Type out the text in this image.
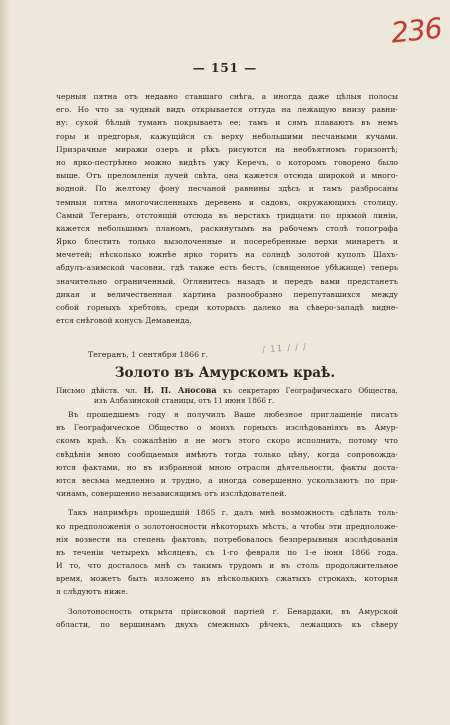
236
— 151 —
черныя пятна отъ недавно ставшаго снѣга, а иногда даже цѣлыя полосы
его. Но что за чудный видъ открывается оттуда на лежащую внизу равни-
ну: сухой бѣлый туманъ покрываетъ ее; тамъ и сямъ плаваютъ въ немъ
горы и предгорья, кажущійся съ верху небольшими песчаными кучами.
Призрачные миражи озеръ и рѣкъ рисуются на необъятномъ горизонтѣ;
но ярко-пестрѣнно можно видѣть ужу Керечъ, о которомъ говорено было
выше. Отъ преломленія лучей свѣта, она кажется отсюда широкой и много-
водной. По желтому фону песчаной равнины здѣсь и тамъ разбросаны
темныя пятна многочисленныхъ деревень и садовъ, окружающихъ столицу.
Самый Тегеранъ, отстоящій отсюда въ верстахъ тридцати по прямой линіи,
кажется небольшимъ планомъ, раскинутымъ на рабочемъ столѣ топографа
Ярко блестить только вызолоченные и посеребренные верхи минаретъ и
мечетей; нѣсколько южнѣе ярко горитъ на солнцѣ золотой куполъ Шахъ-
абдулъ-азимской часовни, гдѣ также есть бестъ, (священное убѣжище) теперь
значительно ограниченный. Оглянитесь назадъ и передъ вами предстанетъ
дикая и величественная картина разнообразно перепутавшихся между
собой горныхъ хребтовъ, среди которыхъ далеко на сѣверо-западѣ видне-
ется снѣговой конусъ Демавенда.
Тегеранъ, 1 сентября 1866 г.	/ 11 / / /
Золото въ Амурскомъ краѣ.
Письмо дѣйств. чл. Н. П. Аносова къ секретарю Географическаго Общества,
изъ Албазинской станицы, отъ 11 июня 1866 г.
Въ прошедшемъ году я получилъ Ваше любезное приглашеніе писать
въ Географическое Общество о моихъ горныхъ изслѣдованіяхъ въ Амур-
скомъ краѣ. Къ сожалѣнію я не могъ этого скоро исполнить, потому что
свѣдѣнія мною сообщаемыя имѣютъ тогда только цѣну, когда сопровожда-
ются фактами, но въ избранной мною отрасли дѣятельности, факты доста-
ются весьма медленно и трудно, а иногда совершенно ускользаютъ по при-
чинамъ, совершенно независящимъ отъ изслѣдователей.
Такъ напримѣръ прошедшій 1865 г. далъ мнѣ возможность сдѣлать толь-
ко предположенія о золотоносности нѣкоторыхъ мѣстъ, а чтобы эти предположе-
нія возвести на степень фактовъ, потребовалось безпрерывныя изслѣдованія
въ теченіи четырехъ мѣсяцевъ, съ 1-го февраля по 1-е іюня 1866 года.
И то, что досталось мнѣ съ такимъ трудомъ и въ столь продолжительное
время, можетъ быть изложено въ нѣсколькихъ сжатыхъ строкахъ, которыя
я слѣдуютъ ниже.
Золотоносность открыта пріисковой партіей г. Бенардаки, въ Амурской
области, по вершинамъ двухъ смежныхъ рѣчекъ, лежащихъ къ сѣверу
